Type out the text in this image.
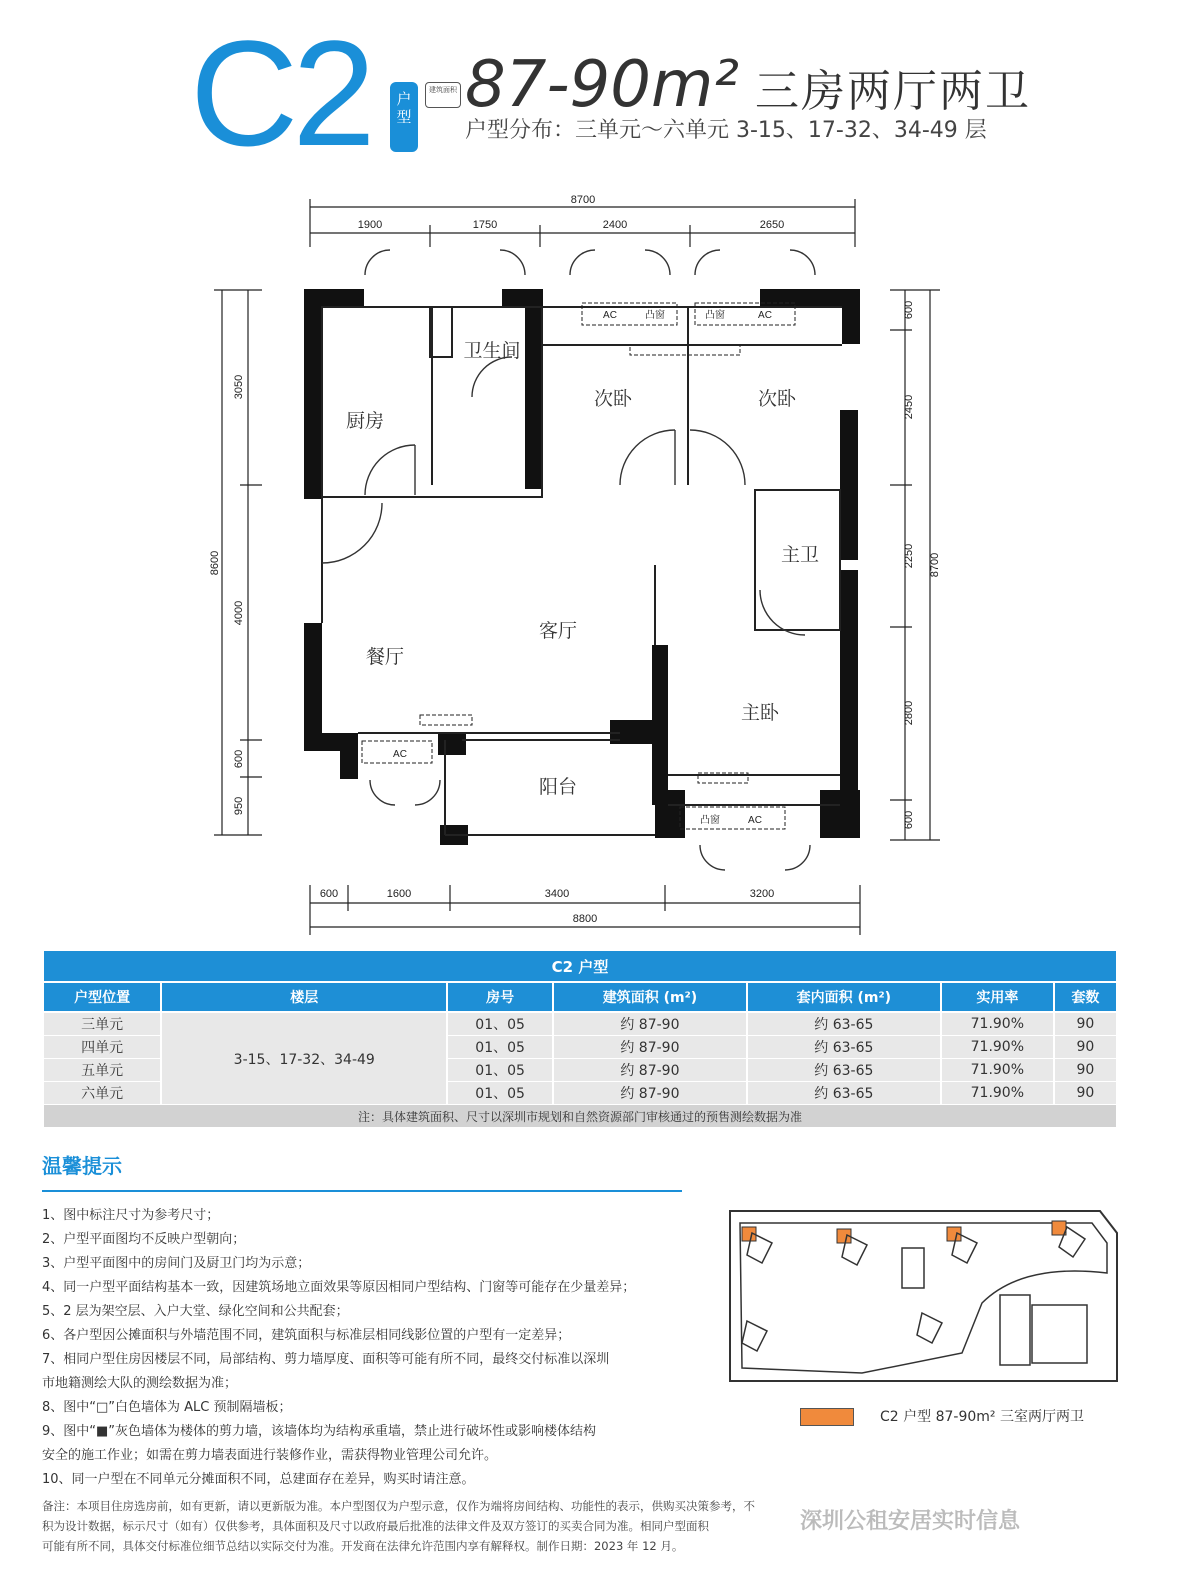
C2	户型
建筑面积 87-90m² 三房两厅两卫
户型分布：三单元～六单元 3-15、17-32、34-49 层
AC	凸窗	凸窗	AC
AC
凸窗	AC
厨房
卫生间
次卧	次卧
主卫
客厅
餐厅
主卧
阳台
8700
1900	1750	2400	2650
600	1600	3400	3200
8800
8600
3050
4000
600
950
600
2450
2250
2800
600
8700
C2 户型						
户型位置	楼层	房号	建筑面积 (m²)	套内面积 (m²)	实用率	套数
三单元	3-15、17-32、34-49	01、05	约 87-90	约 63-65	71.90%	90
四单元		01、05	约 87-90	约 63-65	71.90%	90
五单元		01、05	约 87-90	约 63-65	71.90%	90
六单元		01、05	约 87-90	约 63-65	71.90%	90
注：具体建筑面积、尺寸以深圳市规划和自然资源部门审核通过的预售测绘数据为准						
温馨提示
1、图中标注尺寸为参考尺寸；
2、户型平面图均不反映户型朝向；
3、户型平面图中的房间门及厨卫门均为示意；
4、同一户型平面结构基本一致，因建筑场地立面效果等原因相同户型结构、门窗等可能存在少量差异；
5、2 层为架空层、入户大堂、绿化空间和公共配套；
6、各户型因公摊面积与外墙范围不同，建筑面积与标准层相同线影位置的户型有一定差异；
7、相同户型住房因楼层不同，局部结构、剪力墙厚度、面积等可能有所不同，最终交付标准以深圳
市地籍测绘大队的测绘数据为准；
8、图中“□”白色墙体为 ALC 预制隔墙板；
9、图中“■”灰色墙体为楼体的剪力墙，该墙体均为结构承重墙，禁止进行破坏性或影响楼体结构
安全的施工作业；如需在剪力墙表面进行装修作业，需获得物业管理公司允许。
10、同一户型在不同单元分摊面积不同，总建面存在差异，购买时请注意。
C2 户型 87-90m² 三室两厅两卫
备注：本项目住房选房前，如有更新，请以更新版为准。本户型图仅为户型示意，仅作为端将房间结构、功能性的表示，供购买决策参考，不
积为设计数据，标示尺寸（如有）仅供参考，具体面积及尺寸以政府最后批准的法律文件及双方签订的买卖合同为准。相同户型面积
可能有所不同，具体交付标准位细节总结以实际交付为准。开发商在法律允许范围内享有解释权。制作日期：2023 年 12 月。
深圳公租安居实时信息
